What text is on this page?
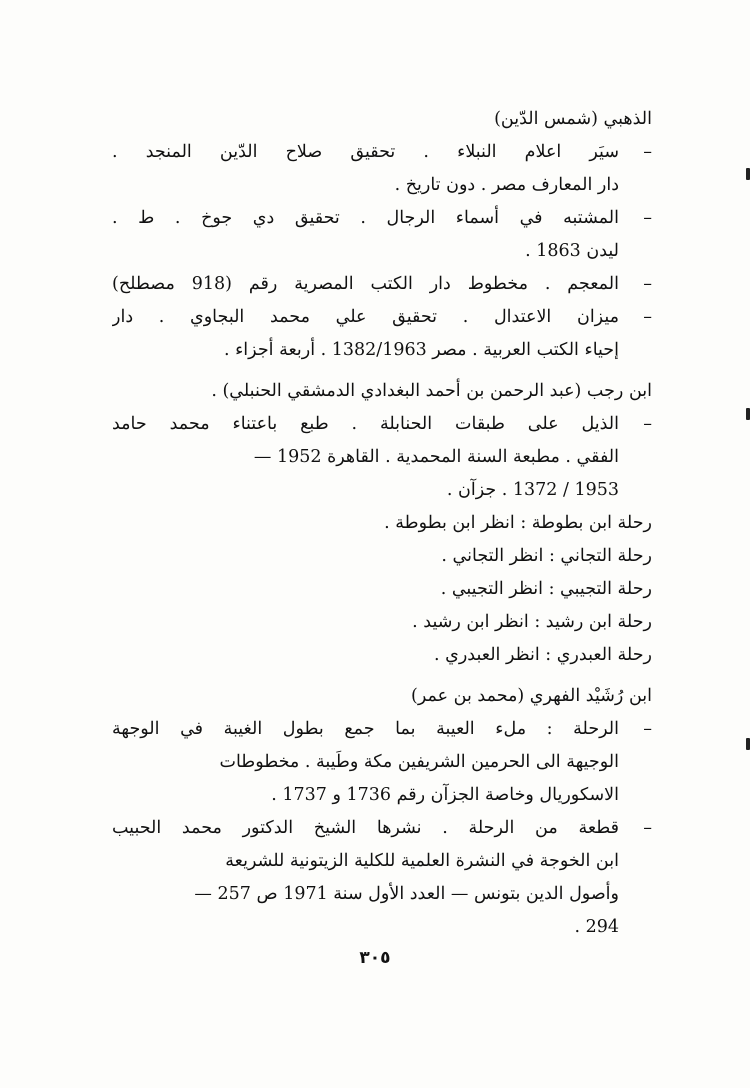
الذهبي (شمس الدّين)
–سيَر اعلام النبلاء . تحقيق صلاح الدّين المنجد .
دار المعارف مصر . دون تاريخ .
–المشتبه في أسماء الرجال . تحقيق دي جوخ . ط .
ليدن 1863 .
–المعجم . مخطوط دار الكتب المصرية رقم (918 مصطلح)
–ميزان الاعتدال . تحقيق علي محمد البجاوي . دار
إحياء الكتب العربية . مصر 1382/1963 . أربعة أجزاء .
ابن رجب (عبد الرحمن بن أحمد البغدادي الدمشقي الحنبلي) .
–الذيل على طبقات الحنابلة . طبع باعتناء محمد حامد
الفقي . مطبعة السنة المحمدية . القاهرة 1952 —
1953 / 1372 . جزآن .
رحلة ابن بطوطة : انظر ابن بطوطة .
رحلة التجاني : انظر التجاني .
رحلة التجيبي : انظر التجيبي .
رحلة ابن رشيد : انظر ابن رشيد .
رحلة العبدري : انظر العبدري .
ابن رُشَيْد الفهري (محمد بن عمر)
–الرحلة : ملء العيبة بما جمع بطول الغيبة في الوجهة
الوجيهة الى الحرمين الشريفين مكة وطَيبة . مخطوطات
الاسكوريال وخاصة الجزآن رقم 1736 و 1737 .
–قطعة من الرحلة . نشرها الشيخ الدكتور محمد الحبيب
ابن الخوجة في النشرة العلمية للكلية الزيتونية للشريعة
وأصول الدين بتونس — العدد الأول سنة 1971 ص 257 —
294 .
٣٠٥
